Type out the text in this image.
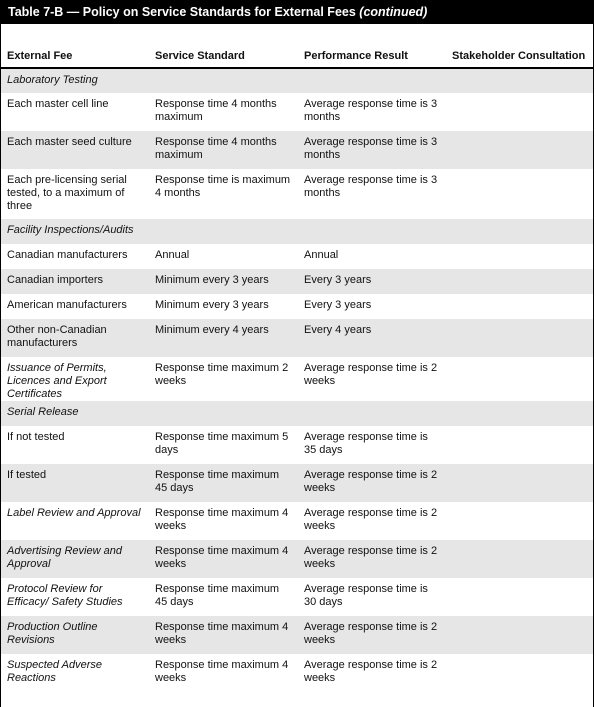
Table 7-B — Policy on Service Standards for External Fees (continued)
External Fee	Service Standard	Performance Result	Stakeholder Consultation
Laboratory Testing			
Each master cell line	Response time 4 months maximum	Average response time is 3 months	
Each master seed culture	Response time 4 months maximum	Average response time is 3 months	
Each pre-licensing serial tested, to a maximum of three	Response time is maximum 4 months	Average response time is 3 months	
Facility Inspections/Audits			
Canadian manufacturers	Annual	Annual	
Canadian importers	Minimum every 3 years	Every 3 years	
American manufacturers	Minimum every 3 years	Every 3 years	
Other non-Canadian manufacturers	Minimum every 4 years	Every 4 years	
Issuance of Permits, Licences and Export Certificates	Response time maximum 2 weeks	Average response time is 2 weeks	
Serial Release			
If not tested	Response time maximum 5 days	Average response time is 35 days	
If tested	Response time maximum 45 days	Average response time is 2 weeks	
Label Review and Approval	Response time maximum 4 weeks	Average response time is 2 weeks	
Advertising Review and Approval	Response time maximum 4 weeks	Average response time is 2 weeks	
Protocol Review for Efficacy/ Safety Studies	Response time maximum 45 days	Average response time is 30 days	
Production Outline Revisions	Response time maximum 4 weeks	Average response time is 2 weeks	
Suspected Adverse Reactions	Response time maximum 4 weeks	Average response time is 2 weeks	
